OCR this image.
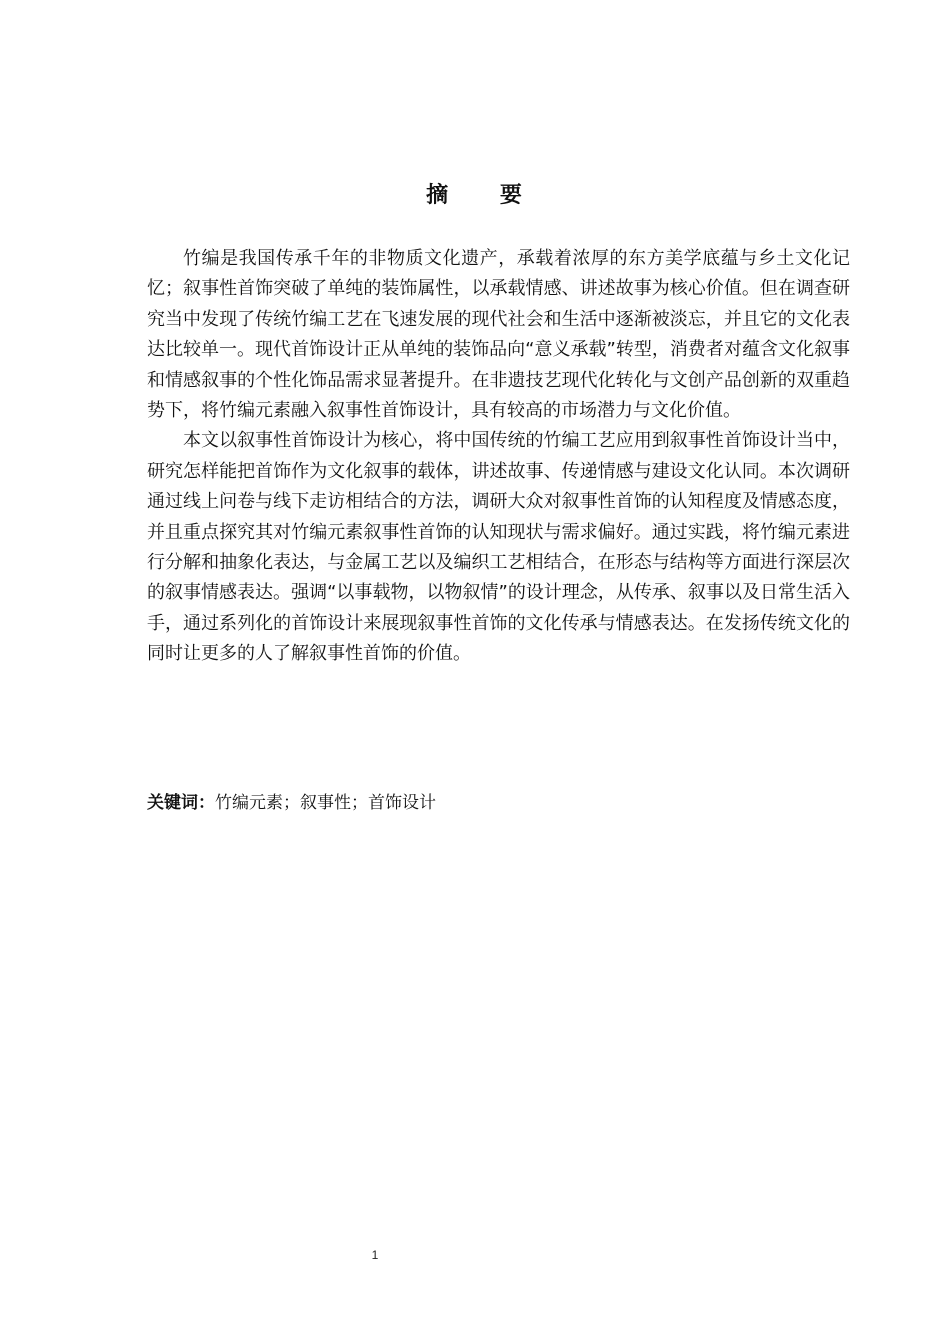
摘 要

竹编是我国传承千年的非物质文化遗产，承载着浓厚的东方美学底蕴与乡土文化记忆；叙事性首饰突破了单纯的装饰属性，以承载情感、讲述故事为核心价值。但在调查研究当中发现了传统竹编工艺在飞速发展的现代社会和生活中逐渐被淡忘，并且它的文化表达比较单一。现代首饰设计正从单纯的装饰品向“意义承载”转型，消费者对蕴含文化叙事和情感叙事的个性化饰品需求显著提升。在非遗技艺现代化转化与文创产品创新的双重趋势下，将竹编元素融入叙事性首饰设计，具有较高的市场潜力与文化价值。

本文以叙事性首饰设计为核心，将中国传统的竹编工艺应用到叙事性首饰设计当中，研究怎样能把首饰作为文化叙事的载体，讲述故事、传递情感与建设文化认同。本次调研通过线上问卷与线下走访相结合的方法，调研大众对叙事性首饰的认知程度及情感态度，并且重点探究其对竹编元素叙事性首饰的认知现状与需求偏好。通过实践，将竹编元素进行分解和抽象化表达，与金属工艺以及编织工艺相结合，在形态与结构等方面进行深层次的叙事情感表达。强调“以事载物，以物叙情”的设计理念，从传承、叙事以及日常生活入手，通过系列化的首饰设计来展现叙事性首饰的文化传承与情感表达。在发扬传统文化的同时让更多的人了解叙事性首饰的价值。

关键词：竹编元素；叙事性；首饰设计
1
